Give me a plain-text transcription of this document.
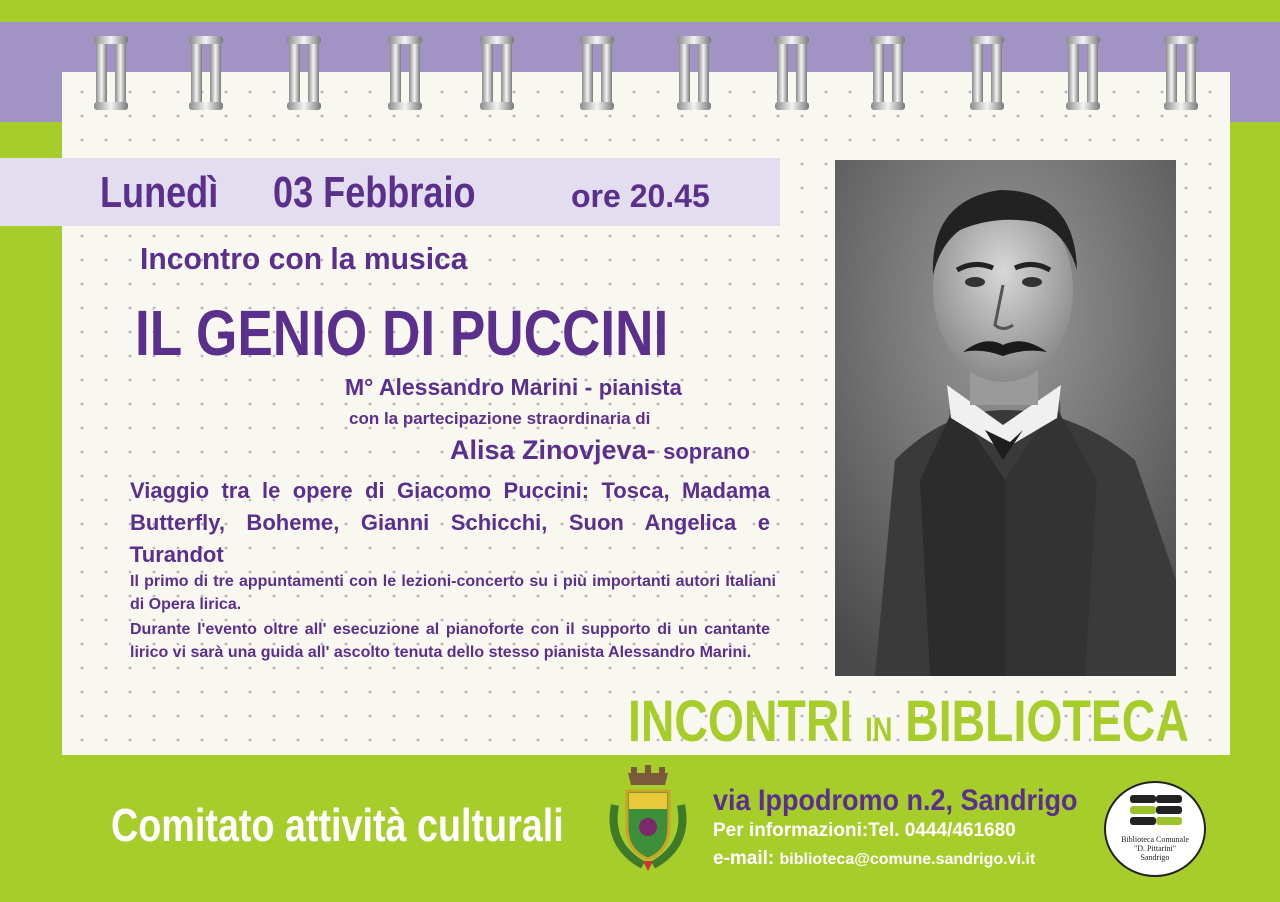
Lunedì	03 Febbraio	ore 20.45
Incontro con la musica
IL GENIO DI PUCCINI
M° Alessandro Marini - pianista
con la partecipazione straordinaria di
Alisa Zinovjeva- soprano
Viaggio tra le opere di Giacomo Puccini: Tosca, Madama Butterfly, Boheme, Gianni Schicchi, Suon Angelica e Turandot
Il primo di tre appuntamenti con le lezioni-concerto su i più importanti autori Italiani di Opera lirica.
Durante l'evento oltre all' esecuzione al pianoforte con il supporto di un cantante lirico vi sarà una guida all' ascolto tenuta dello stesso pianista Alessandro Marini.
INCONTRI IN BIBLIOTECA
Comitato attività culturali	via Ippodromo n.2, Sandrigo
Per informazioni:Tel. 0444/461680
e-mail: biblioteca@comune.sandrigo.vi.it
Biblioteca Comunale
"D. Pittarini"
Sandrigo
